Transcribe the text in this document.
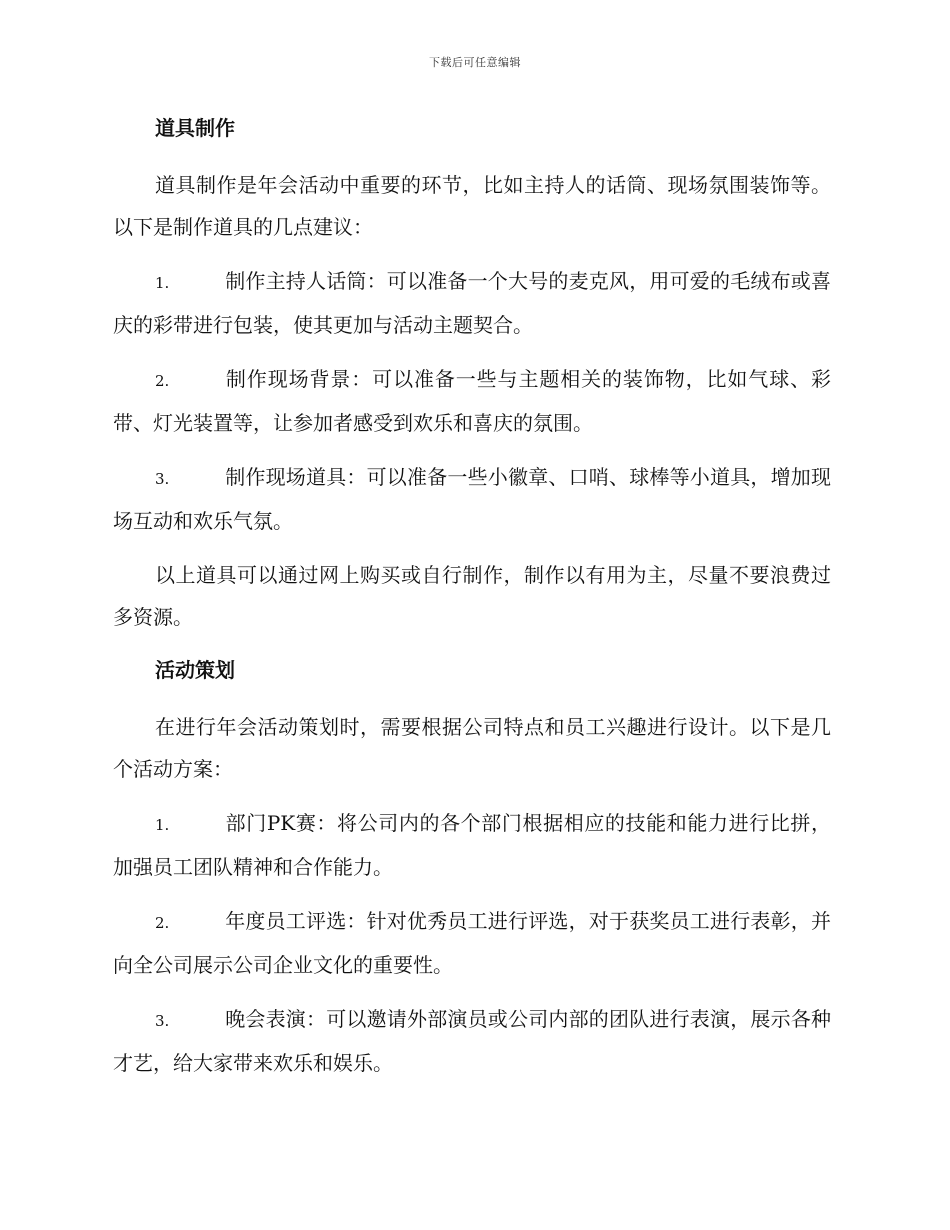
下载后可任意编辑
道具制作

道具制作是年会活动中重要的环节，比如主持人的话筒、现场氛围装饰等。以下是制作道具的几点建议：

1.	制作主持人话筒：可以准备一个大号的麦克风，用可爱的毛绒布或喜庆的彩带进行包装，使其更加与活动主题契合。
2.	制作现场背景：可以准备一些与主题相关的装饰物，比如气球、彩带、灯光装置等，让参加者感受到欢乐和喜庆的氛围。
3.	制作现场道具：可以准备一些小徽章、口哨、球棒等小道具，增加现场互动和欢乐气氛。

以上道具可以通过网上购买或自行制作，制作以有用为主，尽量不要浪费过多资源。

活动策划

在进行年会活动策划时，需要根据公司特点和员工兴趣进行设计。以下是几个活动方案：

1.	部门PK赛：将公司内的各个部门根据相应的技能和能力进行比拼，加强员工团队精神和合作能力。
2.	年度员工评选：针对优秀员工进行评选，对于获奖员工进行表彰，并向全公司展示公司企业文化的重要性。
3.	晚会表演：可以邀请外部演员或公司内部的团队进行表演，展示各种才艺，给大家带来欢乐和娱乐。
